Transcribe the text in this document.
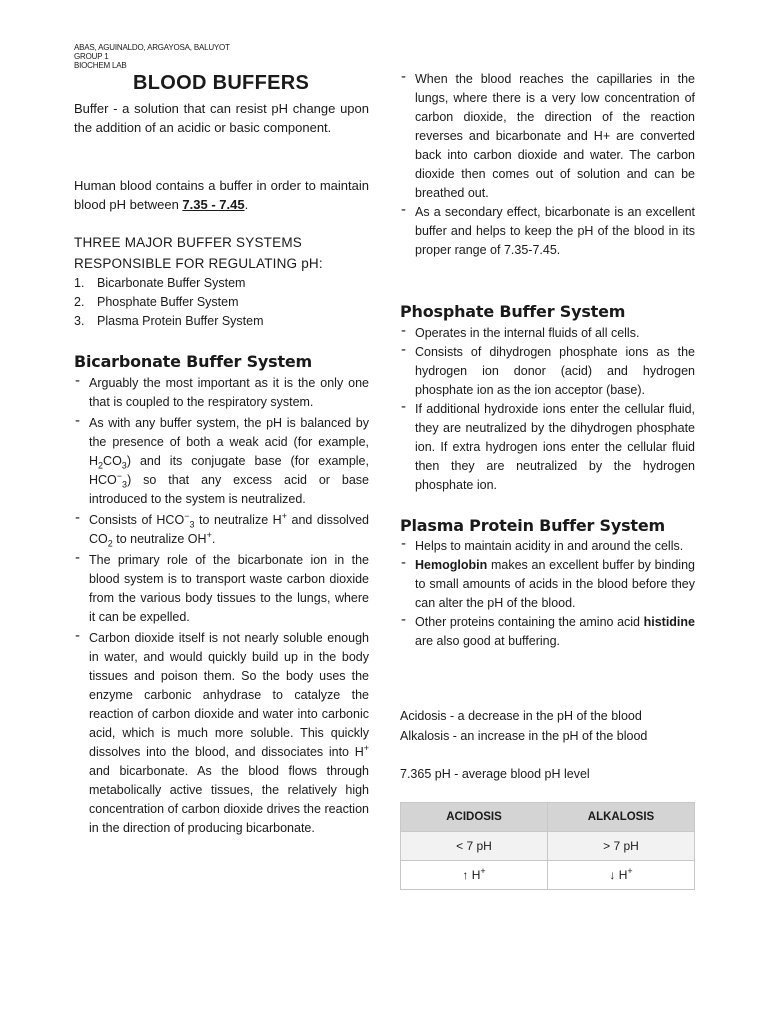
ABAS, AGUINALDO, ARGAYOSA, BALUYOT
GROUP 1
BIOCHEM LAB
BLOOD BUFFERS
Buffer - a solution that can resist pH change upon the addition of an acidic or basic component.
Human blood contains a buffer in order to maintain blood pH between 7.35 - 7.45.
THREE MAJOR BUFFER SYSTEMS
RESPONSIBLE FOR REGULATING pH:
1. Bicarbonate Buffer System
2. Phosphate Buffer System
3. Plasma Protein Buffer System
Bicarbonate Buffer System
- Arguably the most important as it is the only one that is coupled to the respiratory system.
- As with any buffer system, the pH is balanced by the presence of both a weak acid (for example, $H_2CO_3$) and its conjugate base (for example, $HCO^-_3$) so that any excess acid or base introduced to the system is neutralized.
- Consists of $HCO^-_3$ to neutralize H+ and dissolved $CO_2$ to neutralize OH+.
- The primary role of the bicarbonate ion in the blood system is to transport waste carbon dioxide from the various body tissues to the lungs, where it can be expelled.
- Carbon dioxide itself is not nearly soluble enough in water, and would quickly build up in the body tissues and poison them. So the body uses the enzyme carbonic anhydrase to catalyze the reaction of carbon dioxide and water into carbonic acid, which is much more soluble. This quickly dissolves into the blood, and dissociates into H+ and bicarbonate. As the blood flows through metabolically active tissues, the relatively high concentration of carbon dioxide drives the reaction in the direction of producing bicarbonate.
- When the blood reaches the capillaries in the lungs, where there is a very low concentration of carbon dioxide, the direction of the reaction reverses and bicarbonate and H+ are converted back into carbon dioxide and water. The carbon dioxide then comes out of solution and can be breathed out.
- As a secondary effect, bicarbonate is an excellent buffer and helps to keep the pH of the blood in its proper range of 7.35-7.45.
Phosphate Buffer System
- Operates in the internal fluids of all cells.
- Consists of dihydrogen phosphate ions as the hydrogen ion donor (acid) and hydrogen phosphate ion as the ion acceptor (base).
- If additional hydroxide ions enter the cellular fluid, they are neutralized by the dihydrogen phosphate ion. If extra hydrogen ions enter the cellular fluid then they are neutralized by the hydrogen phosphate ion.
Plasma Protein Buffer System
- Helps to maintain acidity in and around the cells.
- Hemoglobin makes an excellent buffer by binding to small amounts of acids in the blood before they can alter the pH of the blood.
- Other proteins containing the amino acid histidine are also good at buffering.
Acidosis - a decrease in the pH of the blood
Alkalosis - an increase in the pH of the blood
7.365 pH - average blood pH level
ACIDOSIS	ALKALOSIS
< 7 pH	> 7 pH
↑ H+	↓ H+
